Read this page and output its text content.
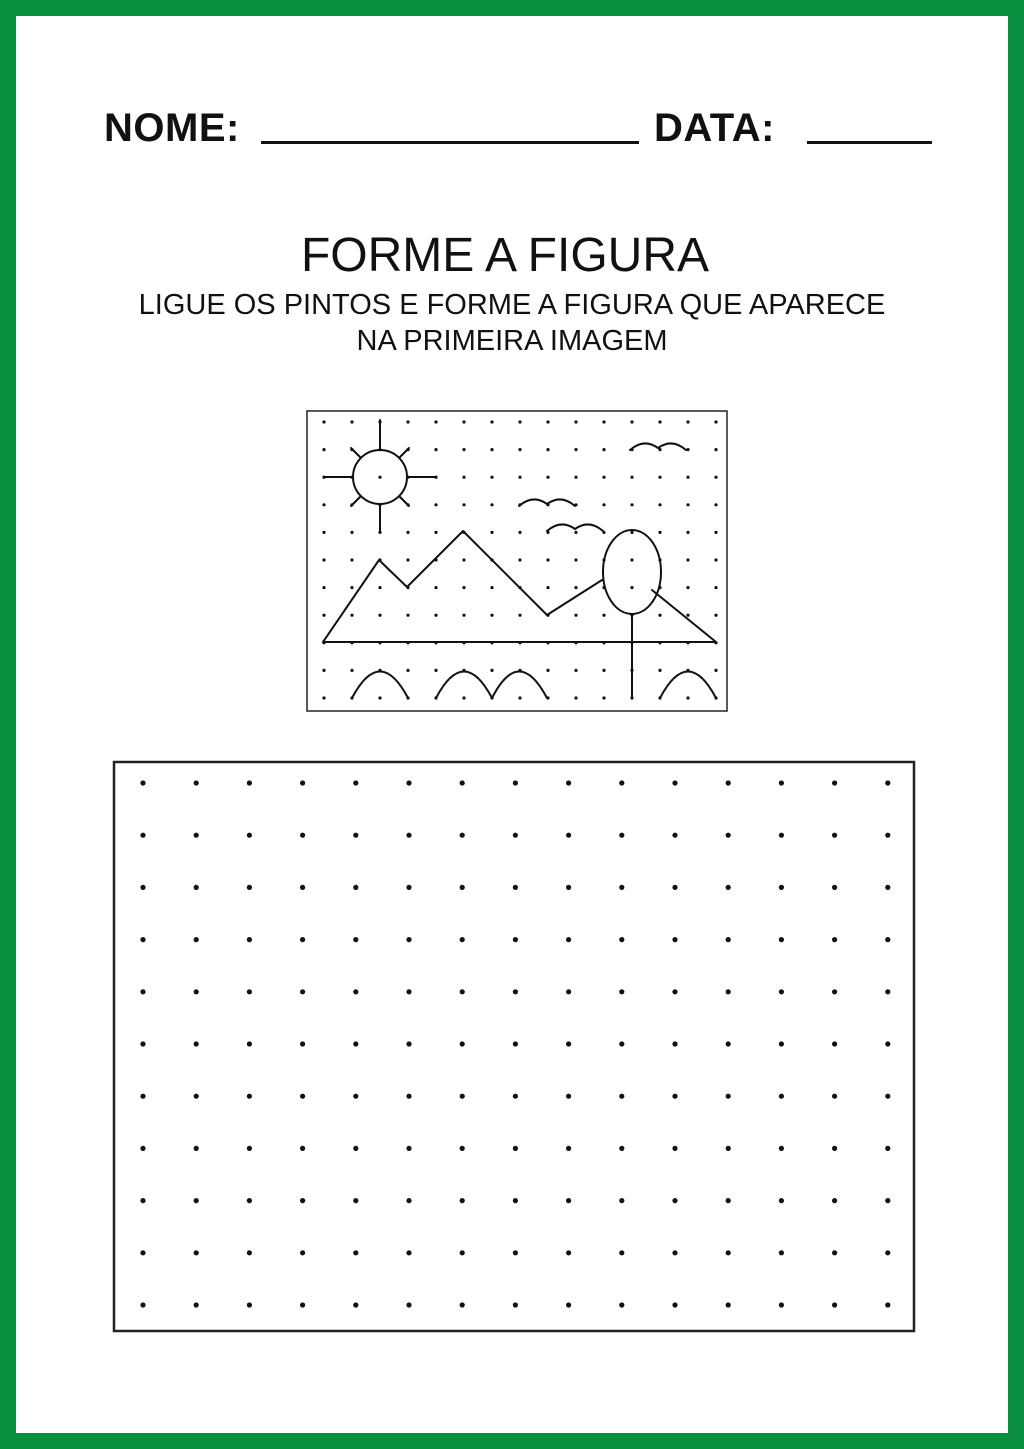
NOME:	DATA:
FORME A FIGURA
LIGUE OS PINTOS E FORME A FIGURA QUE APARECE
NA PRIMEIRA IMAGEM
